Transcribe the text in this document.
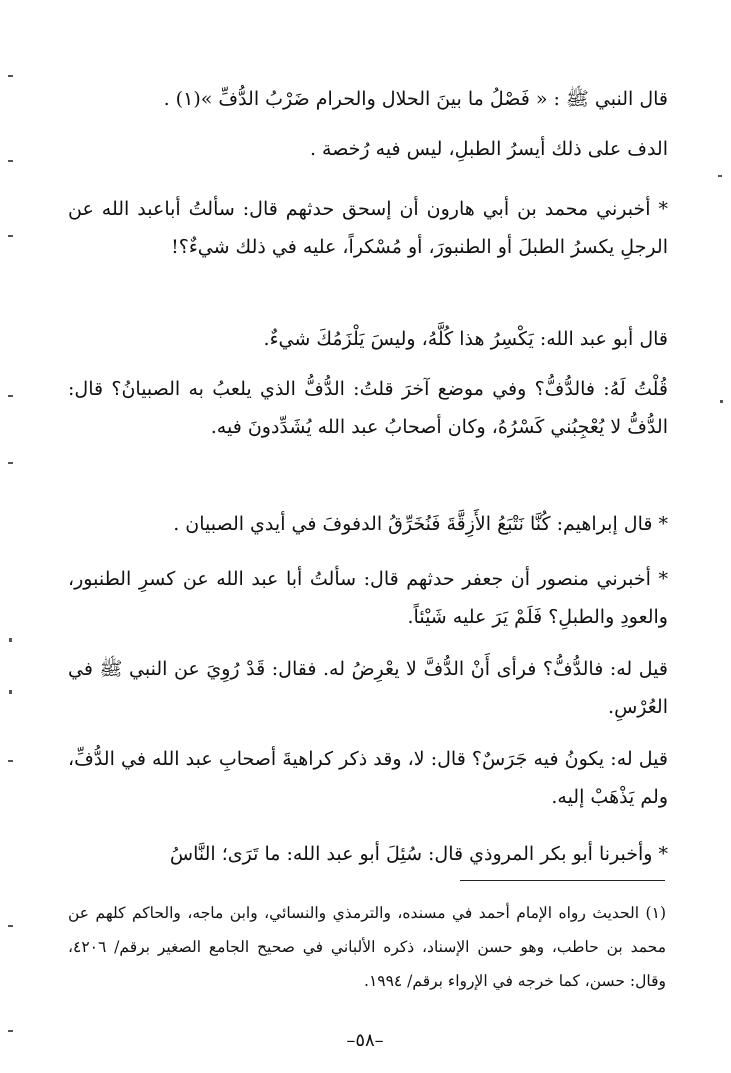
قال النبي ﷺ : « فَصْلُ ما بينَ الحلال والحرام ضَرْبُ الدُّفِّ »(١) .
الدف على ذلك أيسرُ الطبلِ، ليس فيه رُخصة .
* أخبرني محمد بن أبي هارون أن إسحق حدثهم قال: سألتُ أباعبد الله عن الرجلِ يكسرُ الطبلَ أو الطنبورَ، أو مُسْكراً، عليه في ذلك شيءٌ؟!
قال أبو عبد الله: يَكْسِرُ هذا كُلَّهُ، وليسَ يَلْزَمُكَ شيءٌ.
قُلْتُ لَهُ: فالدُّفُّ؟ وفي موضع آخرَ قلتُ: الدُّفُّ الذي يلعبُ به الصبيانُ؟ قال: الدُّفُّ لا يُعْجِبُني كَسْرُهُ، وكان أصحابُ عبد الله يُشَدِّدونَ فيه.
* قال إبراهيم: كُنَّا نَتْبَعُ الأَزِقَّةَ فَنُخَرِّقُ الدفوفَ في أيدي الصبيان .
* أخبرني منصور أن جعفر حدثهم قال: سألتُ أبا عبد الله عن كسرِ الطنبور، والعودِ والطبلِ؟ فَلَمْ يَرَ عليه شَيْئاً.
قيل له: فالدُّفُّ؟ فرأى أَنْ الدُّفَّ لا يعْرِضُ له. فقال: قَدْ رُوِيَ عن النبي ﷺ في العُرْسِ.
قيل له: يكونُ فيه جَرَسٌ؟ قال: لا، وقد ذكر كراهيةَ أصحابِ عبد الله في الدُّفِّ، ولم يَذْهَبْ إليه.
* وأخبرنا أبو بكر المروذي قال: سُئِلَ أبو عبد الله: ما تَرَى؛ النَّاسُ
(١) الحديث رواه الإمام أحمد في مسنده، والترمذي والنسائي، وابن ماجه، والحاكم كلهم عن محمد بن حاطب، وهو حسن الإسناد، ذكره الألباني في صحيح الجامع الصغير برقم/ ٤٢٠٦، وقال: حسن، كما خرجه في الإرواء برقم/ ١٩٩٤.
–٥٨–
